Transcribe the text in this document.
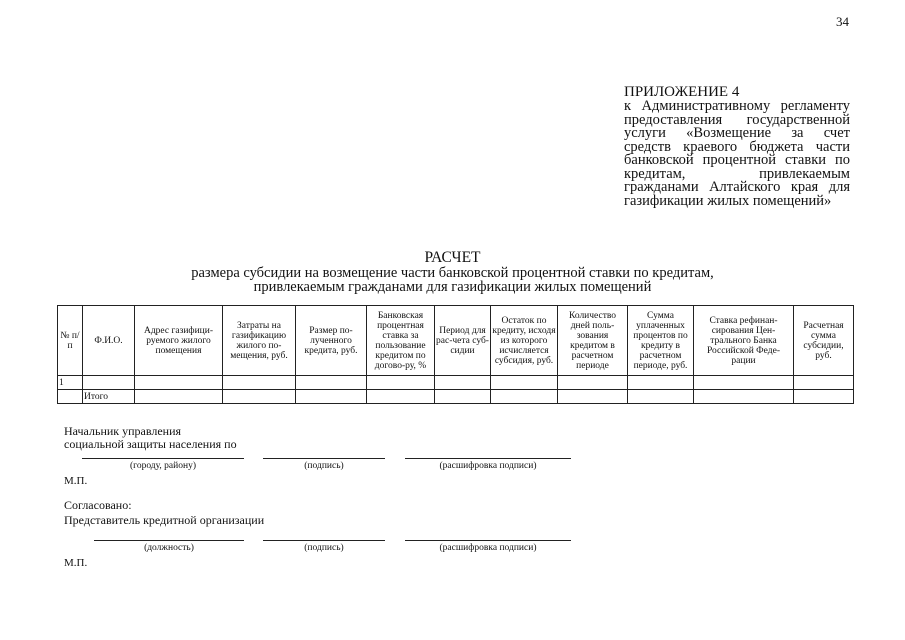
34
ПРИЛОЖЕНИЕ 4
к Административному регламенту предоставления государственной услуги «Возмещение за счет средств краевого бюджета части банковской процентной ставки по кредитам, привлекаемым гражданами Алтайского края для газификации жилых помещений»
РАСЧЕТ
размера субсидии на возмещение части банковской процентной ставки по кредитам,
привлекаемым гражданами для газификации жилых помещений
№ п/п	Ф.И.О.	Адрес газифици-руемого жилого помещения	Затраты на газификацию жилого по-мещения, руб.	Размер по-лученного кредита, руб.	Банковская процентная ставка за пользование кредитом по догово-ру, %	Период для рас-чета суб-сидии	Остаток по кредиту, исходя из которого исчисляется субсидия, руб.	Количество дней поль-зования кредитом в расчетном периоде	Сумма уплаченных процентов по кредиту в расчетном периоде, руб.	Ставка рефинан-сирования Цен-трального Банка Российской Феде-рации	Расчетная сумма субсидии, руб.
1											
	Итого										
Начальник управления
социальной защиты населения по
(городу, району)	(подпись)	(расшифровка подписи)
М.П.
Согласовано:
Представитель кредитной организации
(должность)	(подпись)	(расшифровка подписи)
М.П.
